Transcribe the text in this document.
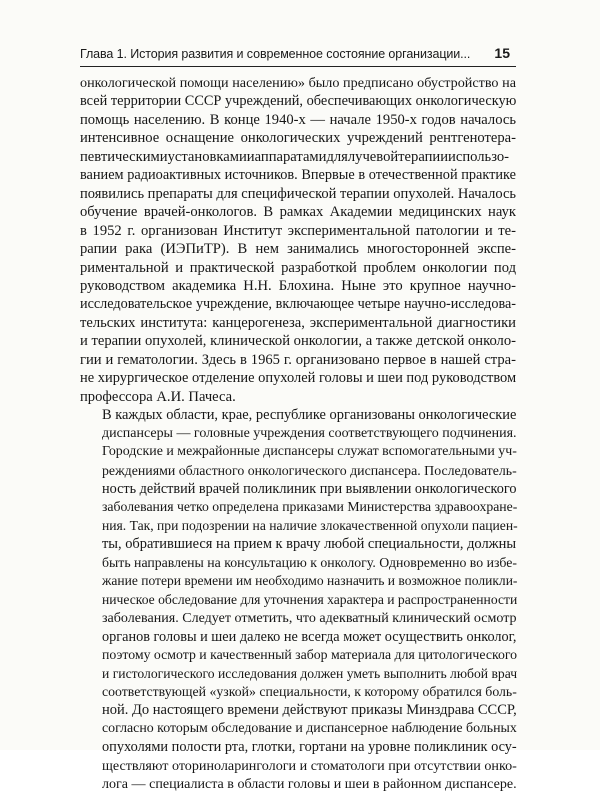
Глава 1. История развития и современное состояние организации... 15
онкологической помощи населению» было предписано обустройство на
всей территории СССР учреждений, обеспечивающих онкологическую
помощь населению. В конце 1940-х — начале 1950-х годов началось
интенсивное оснащение онкологических учреждений рентгенотера-
певтическимиустановкамииаппаратамидлялучевойтерапиииспользо-
ванием радиоактивных источников. Впервые в отечественной практике
появились препараты для специфической терапии опухолей. Началось
обучение врачей-онкологов. В рамках Академии медицинских наук
в 1952 г. организован Институт экспериментальной патологии и те-
рапии рака (ИЭПиТР). В нем занимались многосторонней экспе-
риментальной и практической разработкой проблем онкологии под
руководством академика Н.Н. Блохина. Ныне это крупное научно-
исследовательское учреждение, включающее четыре научно-исследова-
тельских института: канцерогенеза, экспериментальной диагностики
и терапии опухолей, клинической онкологии, а также детской онколо-
гии и гематологии. Здесь в 1965 г. организовано первое в нашей стра-
не хирургическое отделение опухолей головы и шеи под руководством
профессора А.И. Пачеса.
В каждых области, крае, республике организованы онкологические
диспансеры — головные учреждения соответствующего подчинения.
Городские и межрайонные диспансеры служат вспомогательными уч-
реждениями областного онкологического диспансера. Последователь-
ность действий врачей поликлиник при выявлении онкологического
заболевания четко определена приказами Министерства здравоохране-
ния. Так, при подозрении на наличие злокачественной опухоли пациен-
ты, обратившиеся на прием к врачу любой специальности, должны
быть направлены на консультацию к онкологу. Одновременно во избе-
жание потери времени им необходимо назначить и возможное поликли-
ническое обследование для уточнения характера и распространенности
заболевания. Следует отметить, что адекватный клинический осмотр
органов головы и шеи далеко не всегда может осуществить онколог,
поэтому осмотр и качественный забор материала для цитологического
и гистологического исследования должен уметь выполнить любой врач
соответствующей «узкой» специальности, к которому обратился боль-
ной. До настоящего времени действуют приказы Минздрава СССР,
согласно которым обследование и диспансерное наблюдение больных
опухолями полости рта, глотки, гортани на уровне поликлиник осу-
ществляют оториноларингологи и стоматологи при отсутствии онко-
лога — специалиста в области головы и шеи в районном диспансере.
